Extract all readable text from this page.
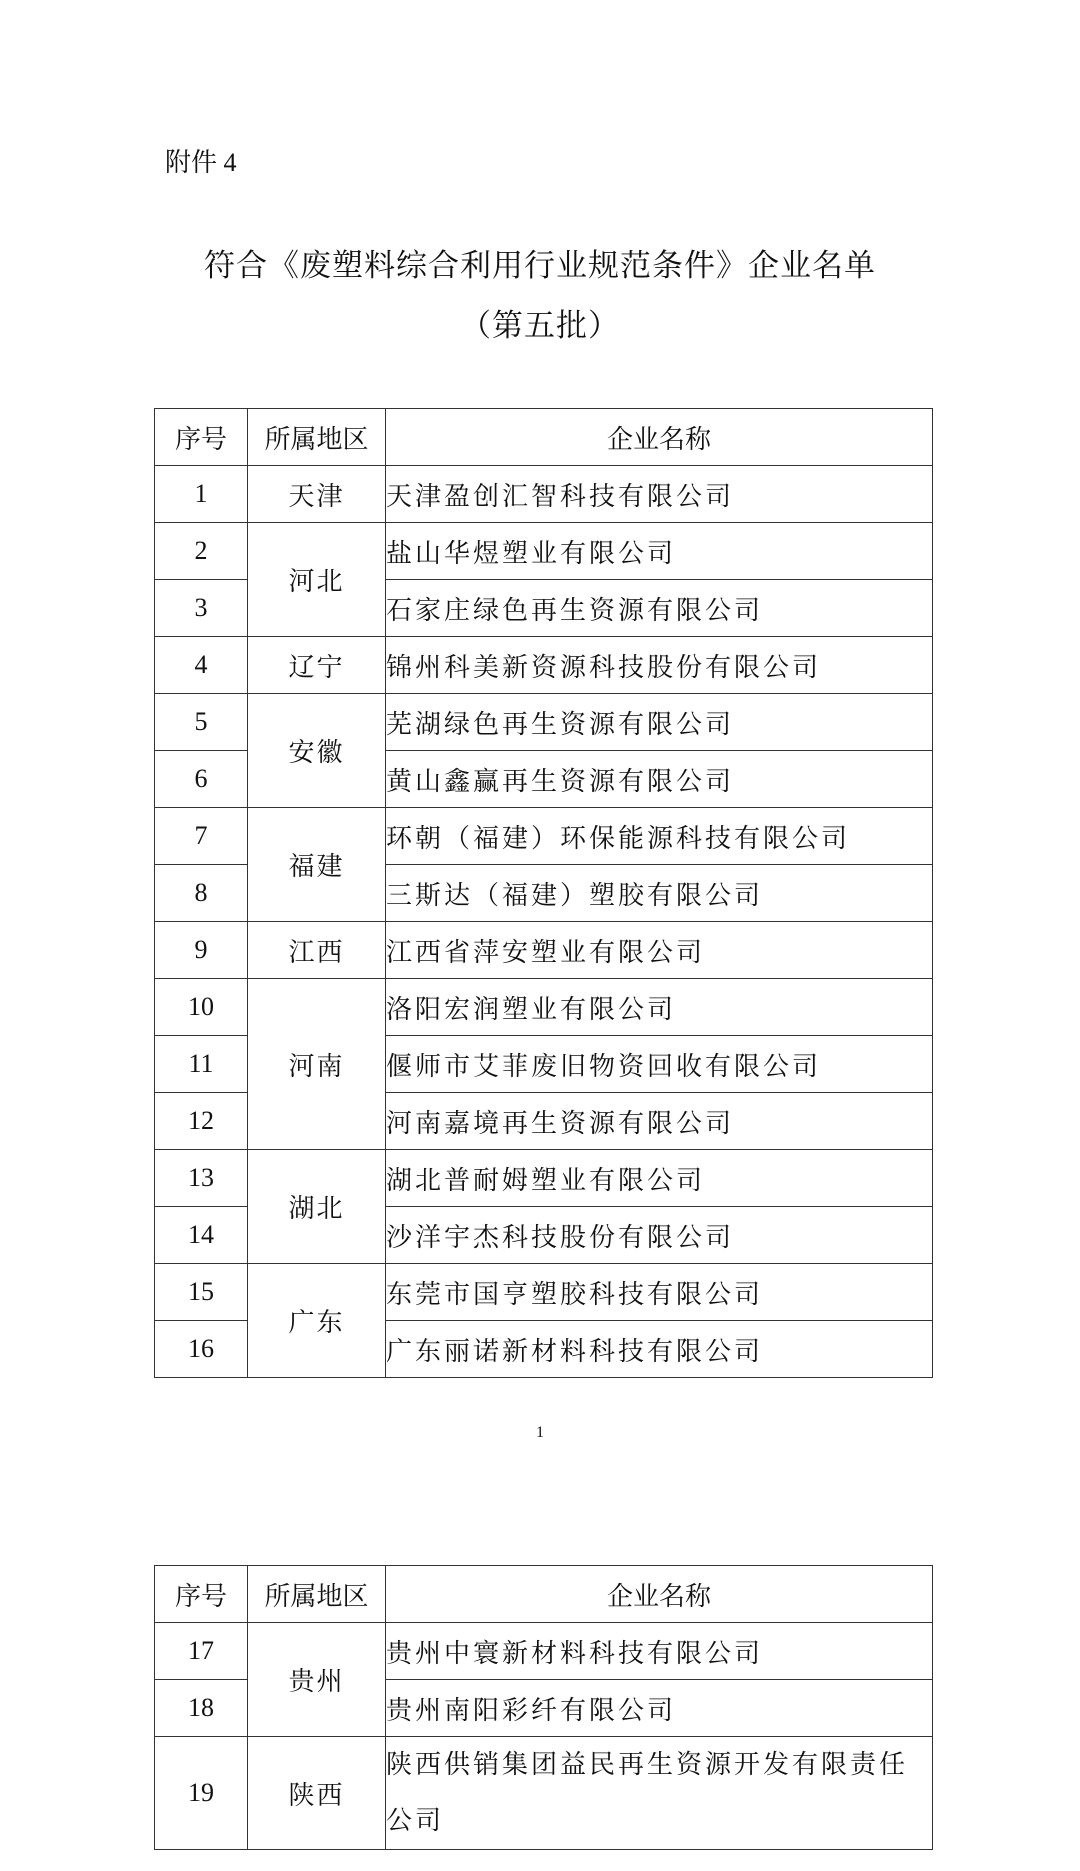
附件 4
符合《废塑料综合利用行业规范条件》企业名单
（第五批）
序号	所属地区	企业名称
1	天津	天津盈创汇智科技有限公司
2	河北	盐山华煜塑业有限公司
3		石家庄绿色再生资源有限公司
4	辽宁	锦州科美新资源科技股份有限公司
5	安徽	芜湖绿色再生资源有限公司
6		黄山鑫赢再生资源有限公司
7	福建	环朝（福建）环保能源科技有限公司
8		三斯达（福建）塑胶有限公司
9	江西	江西省萍安塑业有限公司
10	河南	洛阳宏润塑业有限公司
11		偃师市艾菲废旧物资回收有限公司
12		河南嘉境再生资源有限公司
13	湖北	湖北普耐姆塑业有限公司
14		沙洋宇杰科技股份有限公司
15	广东	东莞市国亨塑胶科技有限公司
16		广东丽诺新材料科技有限公司
1
序号	所属地区	企业名称
17	贵州	贵州中寰新材料科技有限公司
18		贵州南阳彩纤有限公司
19	陕西	陕西供销集团益民再生资源开发有限责任公司
